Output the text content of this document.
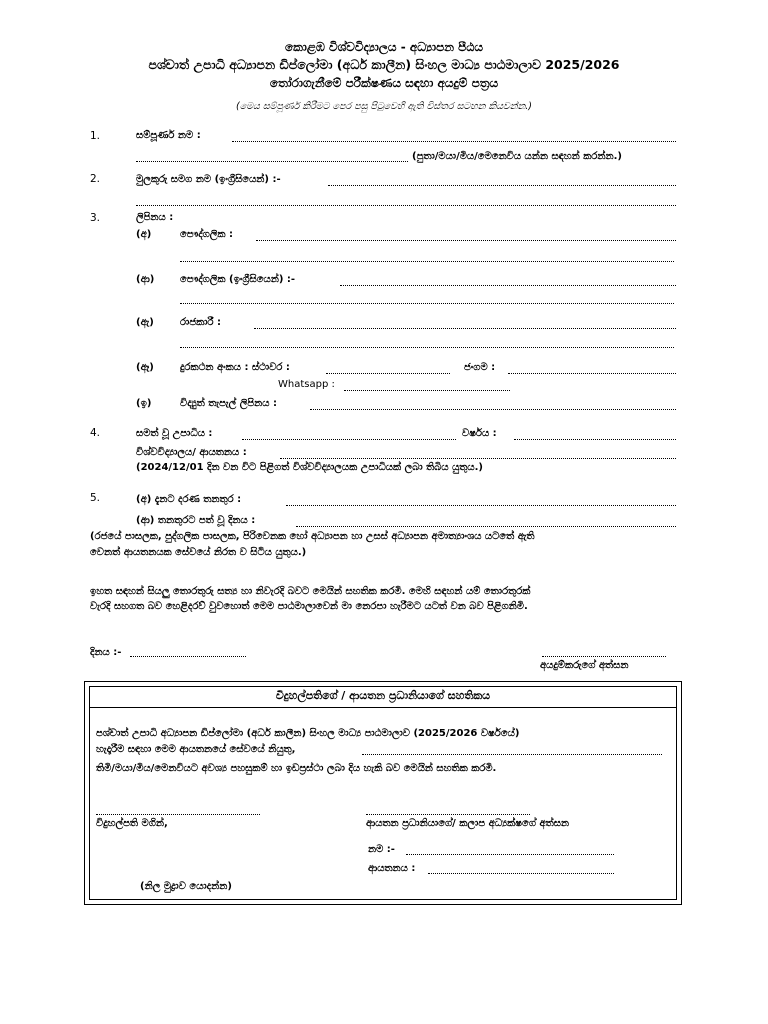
කොළඹ විශ්වවිද්‍යාලය - අධ්‍යාපන පීඨය
පශ්චාත් උපාධි අධ්‍යාපන ඩිප්ලෝමා (අර්ධ කාලීන) සිංහල මාධ්‍ය පාඨමාලාව 2025/2026
තෝරාගැනීමේ පරීක්ෂණය සඳහා අයදුම් පත්‍රය
(මෙය සම්පූර්ණ කිරීමට පෙර පසු පිටුවෙහි ඇති විස්තර සටහන කියවන්න.)
1.	සම්පූර්ණ නම :
(පුතා/මයා/මිය/මෙනෙවිය යන්න සඳහන් කරන්න.)
2.	මුලකුරු සමග නම (ඉංග්‍රීසියෙන්) :-
3.	ලිපිනය :
(අ)	පෞද්ගලික :
(ආ)	පෞද්ගලික (ඉංග්‍රීසියෙන්) :-
(ඇ)	රාජකාරී :
(ඈ)	දුරකථන අංකය : ස්ථාවර :	ජංගම :
Whatsapp :
(ඉ)	විද්‍යුත් තැපැල් ලිපිනය :
4.	සමත් වූ උපාධිය :	වර්ෂය :
විශ්වවිද්‍යාලය/ ආයතනය :
(2024/12/01 දින වන විට පිළිගත් විශ්වවිද්‍යාලයක උපාධියක් ලබා තිබිය යුතුය.)
5.	(අ) දැනට දරණ තනතුර :
(ආ) තනතුරට පත් වූ දිනය :
(රජයේ පාසලක, පුද්ගලික පාසලක, පිරිවෙනක හෝ අධ්‍යාපන හා උසස් අධ්‍යාපන අමාත්‍යාංශය යටතේ ඇති
වෙනත් ආයතනයක සේවයේ නිරත ව සිටිය යුතුය.)
ඉහත සඳහන් සියලු තොරතුරු සත්‍ය හා නිවැරදි බවට මෙයින් සහතික කරමි. මෙහි සඳහන් යම් තොරතුරක්
වැරදි සහගත බව හෙළිදරව් වුවහොත් මෙම පාඨමාලාවෙන් මා නෙරපා හැරීමට යටත් වන බව පිළිගනිමි.
දිනය :-
අයදුම්කරුගේ අත්සන
විදුහල්පතිගේ / ආයතන ප්‍රධානියාගේ සහතිකය
පශ්චාත් උපාධි අධ්‍යාපන ඩිප්ලෝමා (අර්ධ කාලීන) සිංහල මාධ්‍ය පාඨමාලාව (2025/2026 වර්ෂයේ)
හැදෑරීම සඳහා මෙම ආයතනයේ සේවයේ නියුතු,
තිමි/මයා/මිය/මෙනවියට අවශ්‍ය පහසුකම් හා ඉඩප්‍රස්ථා ලබා දිය හැකි බව මෙයින් සහතික කරමි.
විදුහල්පති මගින්,	ආයතන ප්‍රධානියාගේ/ කලාප අධ්‍යක්ෂගේ අත්සන
නම :-
ආයතනය :
(නිල මුද්‍රාව යොදන්න)
